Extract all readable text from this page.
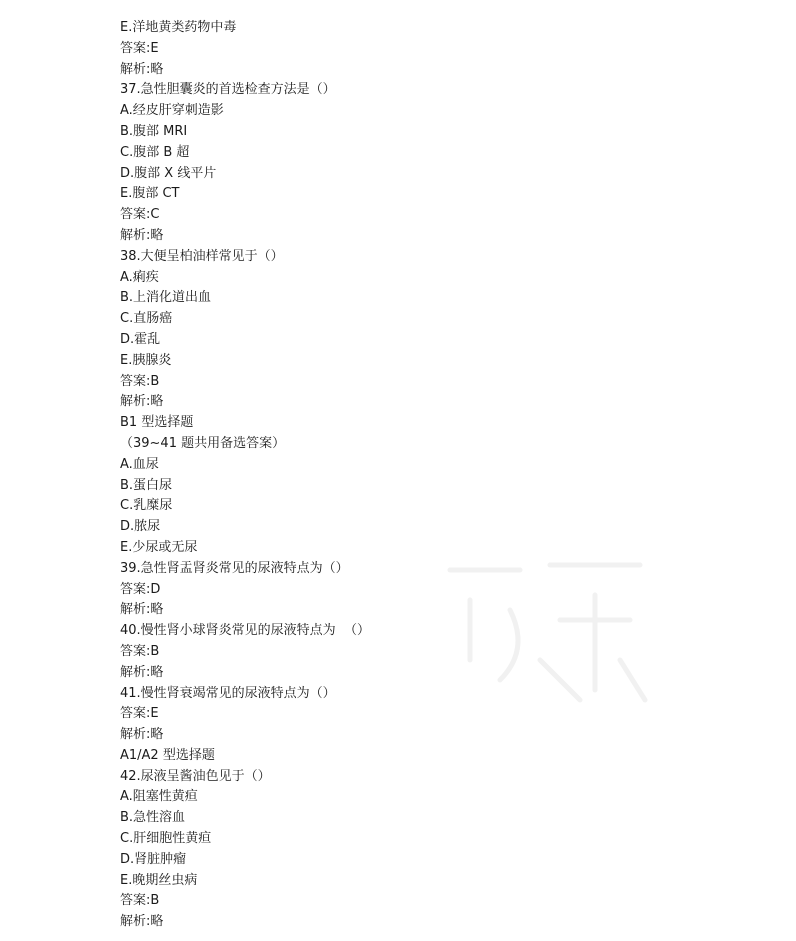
E.洋地黄类药物中毒
答案:E
解析:略
37.急性胆囊炎的首选检查方法是（）
A.经皮肝穿刺造影
B.腹部 MRI
C.腹部 B 超
D.腹部 X 线平片
E.腹部 CT
答案:C
解析:略
38.大便呈柏油样常见于（）
A.痢疾
B.上消化道出血
C.直肠癌
D.霍乱
E.胰腺炎
答案:B
解析:略
B1 型选择题
（39~41 题共用备选答案）
A.血尿
B.蛋白尿
C.乳糜尿
D.脓尿
E.少尿或无尿
39.急性肾盂肾炎常见的尿液特点为（）
答案:D
解析:略
40.慢性肾小球肾炎常见的尿液特点为  （）
答案:B
解析:略
41.慢性肾衰竭常见的尿液特点为（）
答案:E
解析:略
A1/A2 型选择题
42.尿液呈酱油色见于（）
A.阻塞性黄疸
B.急性溶血
C.肝细胞性黄疸
D.肾脏肿瘤
E.晚期丝虫病
答案:B
解析:略
